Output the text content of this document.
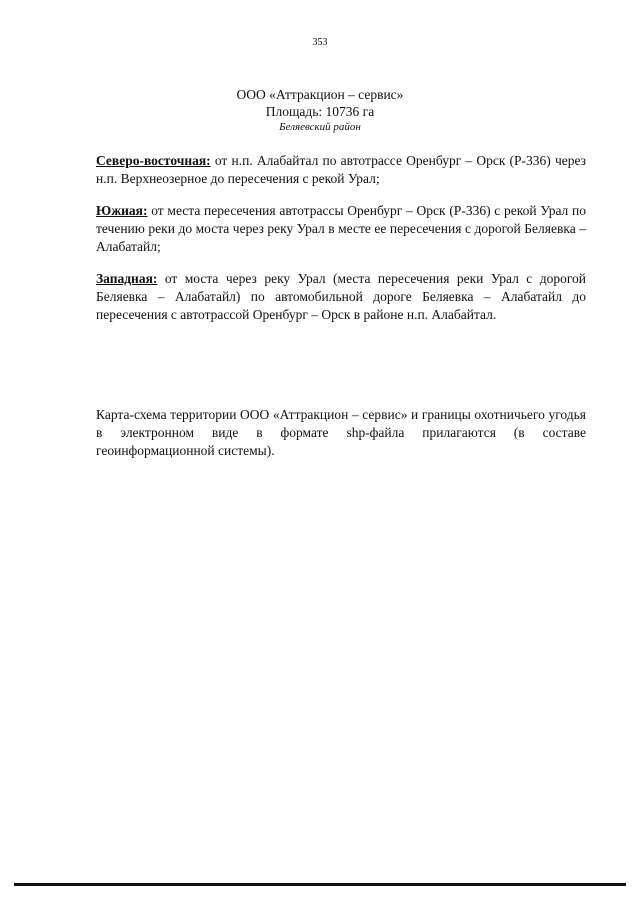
353
ООО «Аттракцион – сервис»
Площадь: 10736 га
Беляевский район
Северо-восточная: от н.п. Алабайтал по автотрассе Оренбург – Орск (Р-336) через н.п. Верхнеозерное до пересечения с рекой Урал;
Южиая: от места пересечения автотрассы Оренбург – Орск (Р-336) с рекой Урал по течению реки до моста через реку Урал в месте ее пересечения с дорогой Беляевка – Алабатайл;
Западная: от моста через реку Урал (места пересечения реки Урал с дорогой Беляевка – Алабатайл) по автомобильной дороге Беляевка – Алабатайл до пересечения с автотрассой Оренбург – Орск в районе н.п. Алабайтал.
Карта-схема территории ООО «Аттракцион – сервис» и границы охотничьего угодья в электронном виде в формате shp-файла прилагаются (в составе геоинформационной системы).
